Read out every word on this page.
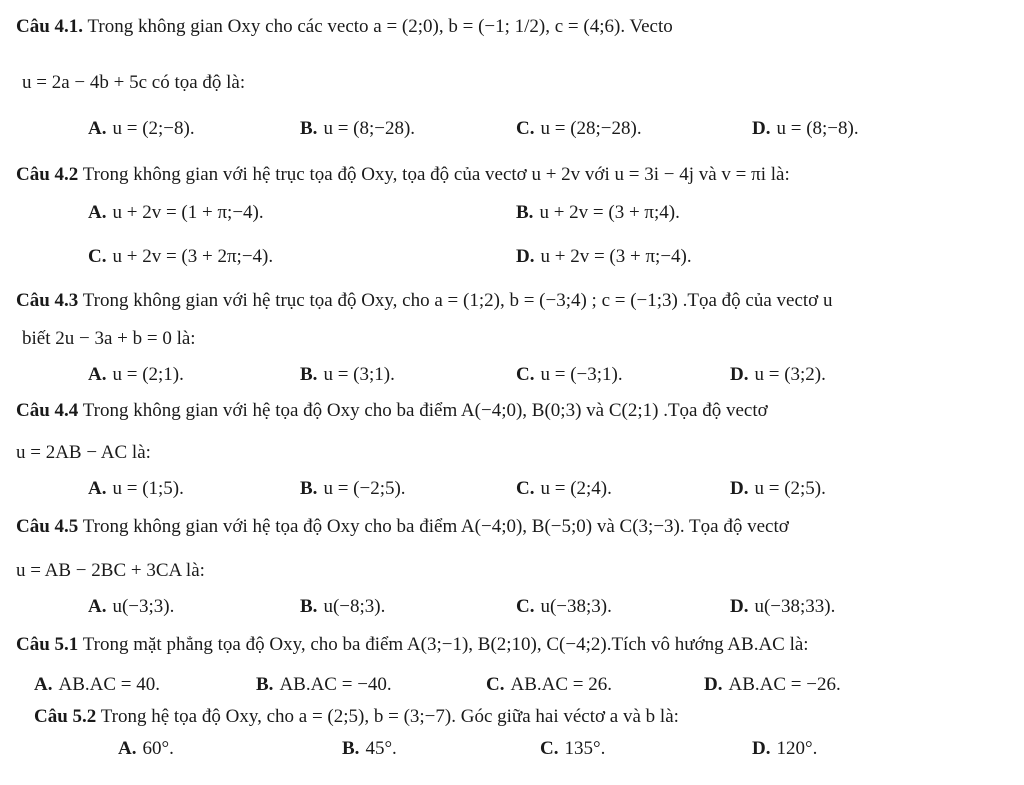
Câu 4.1. Trong không gian Oxy cho các vecto a = (2;0), b = (−1; 1/2), c = (4;6). Vecto
u = 2a − 4b + 5c có tọa độ là:
A. u = (2;−8).	B. u = (8;−28).	C. u = (28;−28).	D. u = (8;−8).
Câu 4.2 Trong không gian với hệ trục tọa độ Oxy, tọa độ của vectơ u + 2v với u = 3i − 4j và v = πi là:
A. u + 2v = (1 + π;−4).	B. u + 2v = (3 + π;4).
C. u + 2v = (3 + 2π;−4).	D. u + 2v = (3 + π;−4).
Câu 4.3 Trong không gian với hệ trục tọa độ Oxy, cho a = (1;2), b = (−3;4) ; c = (−1;3) .Tọa độ của vectơ u
biết 2u − 3a + b = 0 là:
A. u = (2;1).	B. u = (3;1).	C. u = (−3;1).	D. u = (3;2).
Câu 4.4 Trong không gian với hệ tọa độ Oxy cho ba điểm A(−4;0), B(0;3) và C(2;1) .Tọa độ vectơ
u = 2AB − AC là:
A. u = (1;5).	B. u = (−2;5).	C. u = (2;4).	D. u = (2;5).
Câu 4.5 Trong không gian với hệ tọa độ Oxy cho ba điểm A(−4;0), B(−5;0) và C(3;−3). Tọa độ vectơ
u = AB − 2BC + 3CA là:
A. u(−3;3).	B. u(−8;3).	C. u(−38;3).	D. u(−38;33).
Câu 5.1 Trong mặt phẳng tọa độ Oxy, cho ba điểm A(3;−1), B(2;10), C(−4;2).Tích vô hướng AB.AC là:
A. AB.AC = 40.	B. AB.AC = −40.	C. AB.AC = 26.	D. AB.AC = −26.
Câu 5.2 Trong hệ tọa độ Oxy, cho a = (2;5), b = (3;−7). Góc giữa hai véctơ a và b là:
A. 60°.	B. 45°.	C. 135°.	D. 120°.
